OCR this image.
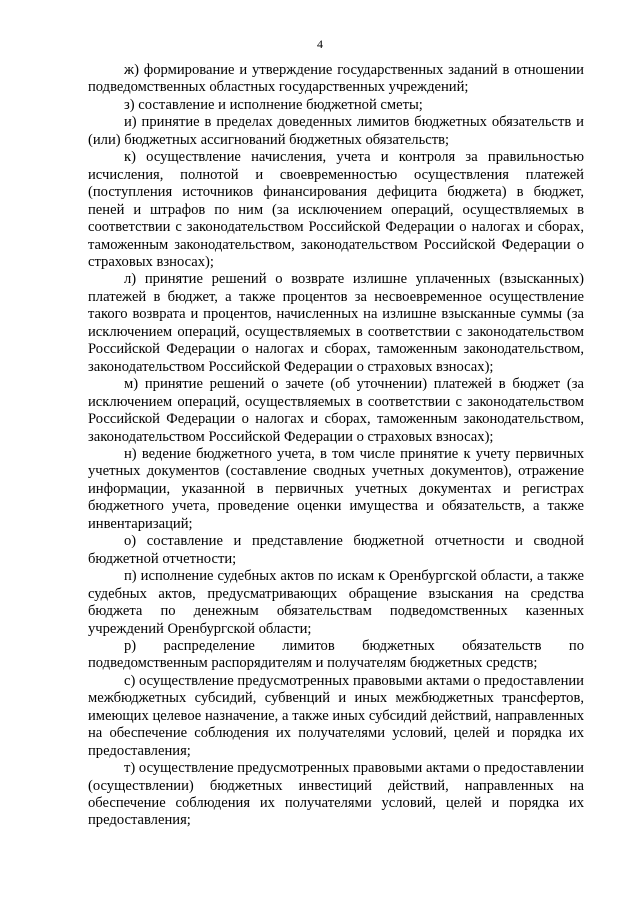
4

ж) формирование и утверждение государственных заданий в отношении подведомственных областных государственных учреждений;

з) составление и исполнение бюджетной сметы;

и) принятие в пределах доведенных лимитов бюджетных обязательств и (или) бюджетных ассигнований бюджетных обязательств;

к) осуществление начисления, учета и контроля за правильностью исчисления, полнотой и своевременностью осуществления платежей (поступления источников финансирования дефицита бюджета) в бюджет, пеней и штрафов по ним (за исключением операций, осуществляемых в соответствии с законодательством Российской Федерации о налогах и сборах, таможенным законодательством, законодательством Российской Федерации о страховых взносах);

л) принятие решений о возврате излишне уплаченных (взысканных) платежей в бюджет, а также процентов за несвоевременное осуществление такого возврата и процентов, начисленных на излишне взысканные суммы (за исключением операций, осуществляемых в соответствии с законодательством Российской Федерации о налогах и сборах, таможенным законодательством, законодательством Российской Федерации о страховых взносах);

м) принятие решений о зачете (об уточнении) платежей в бюджет (за исключением операций, осуществляемых в соответствии с законодательством Российской Федерации о налогах и сборах, таможенным законодательством, законодательством Российской Федерации о страховых взносах);

н) ведение бюджетного учета, в том числе принятие к учету первичных учетных документов (составление сводных учетных документов), отражение информации, указанной в первичных учетных документах и регистрах бюджетного учета, проведение оценки имущества и обязательств, а также инвентаризаций;

о) составление и представление бюджетной отчетности и сводной бюджетной отчетности;

п) исполнение судебных актов по искам к Оренбургской области, а также судебных актов, предусматривающих обращение взыскания на средства бюджета по денежным обязательствам подведомственных казенных учреждений Оренбургской области;

р) распределение лимитов бюджетных обязательств по подведомственным распорядителям и получателям бюджетных средств;

с) осуществление предусмотренных правовыми актами о предоставлении межбюджетных субсидий, субвенций и иных межбюджетных трансфертов, имеющих целевое назначение, а также иных субсидий действий, направленных на обеспечение соблюдения их получателями условий, целей и порядка их предоставления;

т) осуществление предусмотренных правовыми актами о предоставлении (осуществлении) бюджетных инвестиций действий, направленных на обеспечение соблюдения их получателями условий, целей и порядка их предоставления;
